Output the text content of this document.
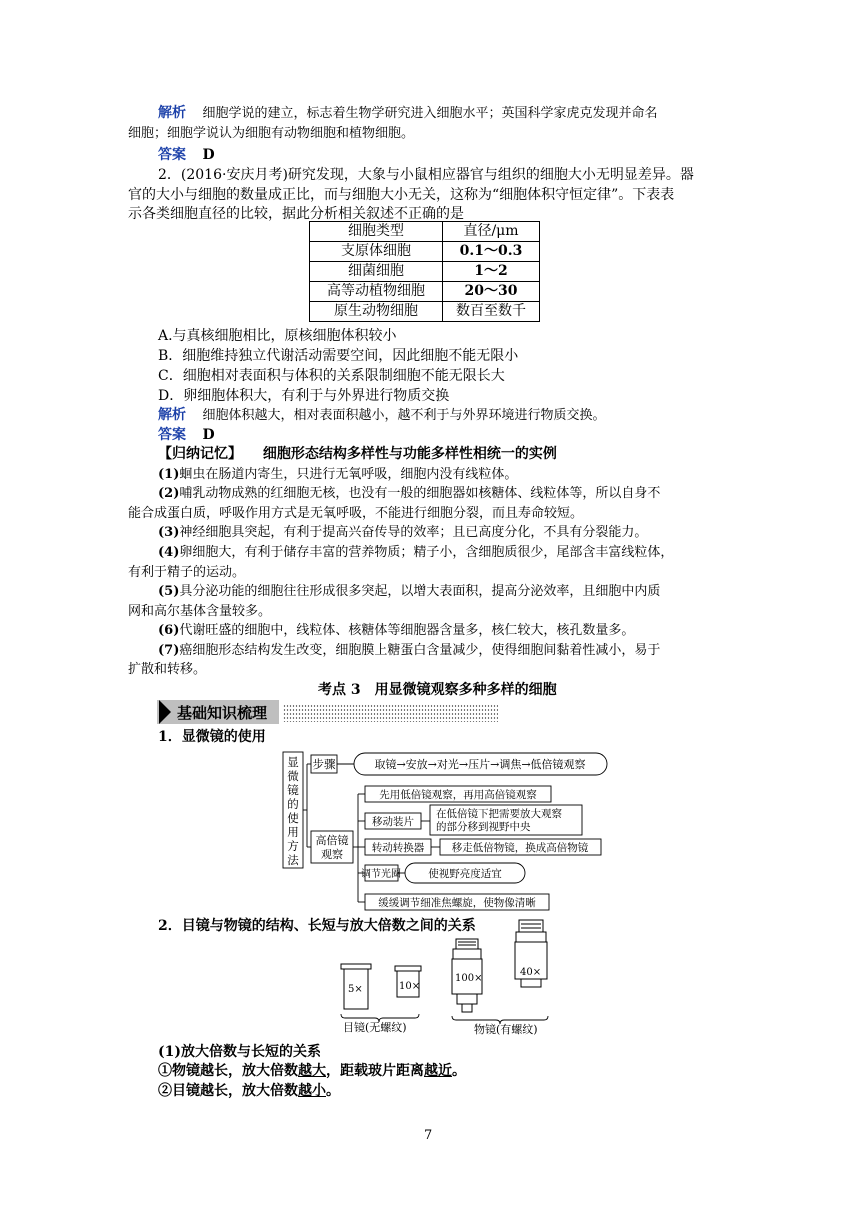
解析 细胞学说的建立，标志着生物学研究进入细胞水平；英国科学家虎克发现并命名
细胞；细胞学说认为细胞有动物细胞和植物细胞。
答案 D
2．(2016·安庆月考)研究发现，大象与小鼠相应器官与组织的细胞大小无明显差异。器
官的大小与细胞的数量成正比，而与细胞大小无关，这称为“细胞体积守恒定律”。下表表
示各类细胞直径的比较，据此分析相关叙述不正确的是
细胞类型	直径/μm
支原体细胞	0.1～0.3
细菌细胞	1～2
高等动植物细胞	20～30
原生动物细胞	数百至数千
A.与真核细胞相比，原核细胞体积较小
B．细胞维持独立代谢活动需要空间，因此细胞不能无限小
C．细胞相对表面积与体积的关系限制细胞不能无限长大
D．卵细胞体积大，有利于与外界进行物质交换
解析 细胞体积越大，相对表面积越小，越不利于与外界环境进行物质交换。
答案 D
【归纳记忆】 细胞形态结构多样性与功能多样性相统一的实例
(1)蛔虫在肠道内寄生，只进行无氧呼吸，细胞内没有线粒体。
(2)哺乳动物成熟的红细胞无核，也没有一般的细胞器如核糖体、线粒体等，所以自身不
能合成蛋白质，呼吸作用方式是无氧呼吸，不能进行细胞分裂，而且寿命较短。
(3)神经细胞具突起，有利于提高兴奋传导的效率；且已高度分化，不具有分裂能力。
(4)卵细胞大，有利于储存丰富的营养物质；精子小，含细胞质很少，尾部含丰富线粒体，
有利于精子的运动。
(5)具分泌功能的细胞往往形成很多突起，以增大表面积，提高分泌效率，且细胞中内质
网和高尔基体含量较多。
(6)代谢旺盛的细胞中，线粒体、核糖体等细胞器含量多，核仁较大，核孔数量多。
(7)癌细胞形态结构发生改变，细胞膜上糖蛋白含量减少，使得细胞间黏着性减小，易于
扩散和转移。
考点 3　用显微镜观察多种多样的细胞
基础知识梳理
1．显微镜的使用
显
微
镜
的
使
用
方
法
步骤	取镜→安放→对光→压片→调焦→低倍镜观察
高倍镜
观察
先用低倍镜观察，再用高倍镜观察
移动装片
在低倍镜下把需要放大观察
的部分移到视野中央
转动转换器	移走低倍物镜，换成高倍物镜
调节光圈	使视野亮度适宜
缓缓调节细准焦螺旋，使物像清晰
2．目镜与物镜的结构、长短与放大倍数之间的关系
5×	10×
100×
40×
目镜(无螺纹)	物镜(有螺纹)
(1)放大倍数与长短的关系
①物镜越长，放大倍数越大，距载玻片距离越近。
②目镜越长，放大倍数越小。
7
